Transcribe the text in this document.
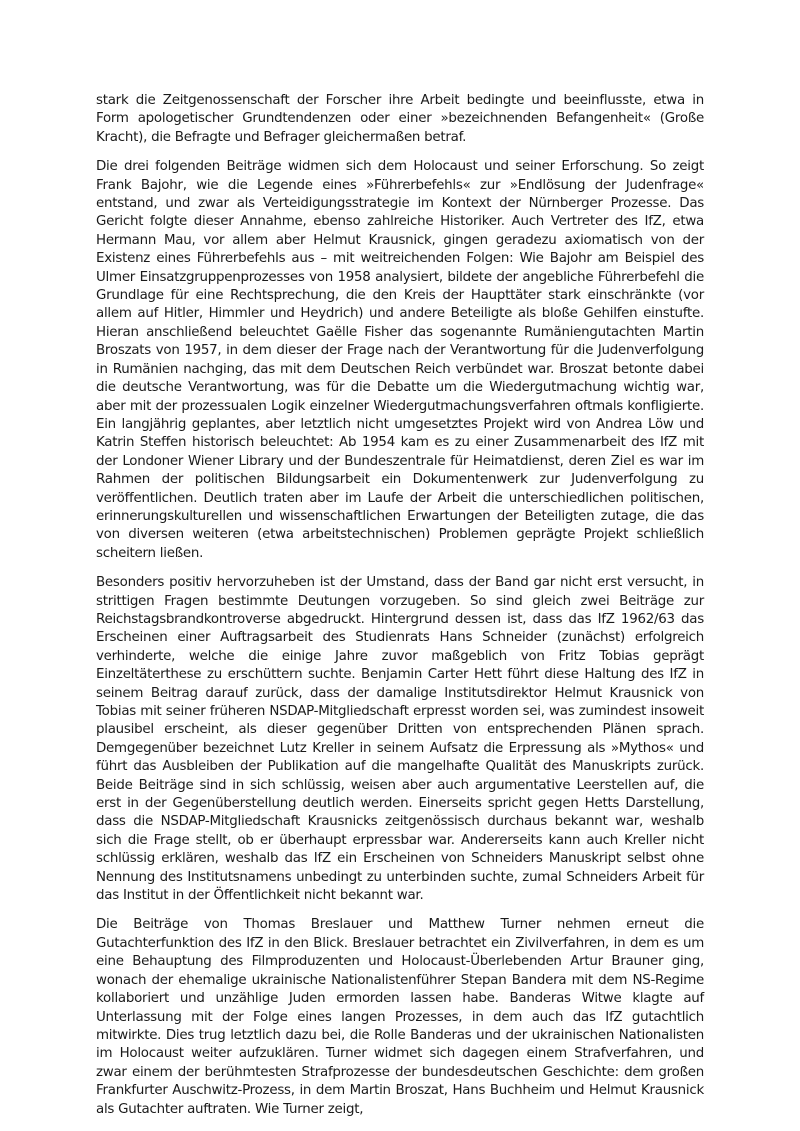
stark die Zeitgenossenschaft der Forscher ihre Arbeit bedingte und beeinflusste, etwa in Form apologetischer Grundtendenzen oder einer »bezeichnenden Befangenheit« (Große Kracht), die Befragte und Befrager gleichermaßen betraf.

Die drei folgenden Beiträge widmen sich dem Holocaust und seiner Erforschung. So zeigt Frank Bajohr, wie die Legende eines »Führerbefehls« zur »Endlösung der Judenfrage« entstand, und zwar als Verteidigungsstrategie im Kontext der Nürnberger Prozesse. Das Gericht folgte dieser Annahme, ebenso zahlreiche Historiker. Auch Vertreter des IfZ, etwa Hermann Mau, vor allem aber Helmut Krausnick, gingen geradezu axiomatisch von der Existenz eines Führerbefehls aus – mit weitreichenden Folgen: Wie Bajohr am Beispiel des Ulmer Einsatzgruppenprozesses von 1958 analysiert, bildete der angebliche Führerbefehl die Grundlage für eine Rechtsprechung, die den Kreis der Haupttäter stark einschränkte (vor allem auf Hitler, Himmler und Heydrich) und andere Beteiligte als bloße Gehilfen einstufte. Hieran anschließend beleuchtet Gaëlle Fisher das sogenannte Rumäniengutachten Martin Broszats von 1957, in dem dieser der Frage nach der Verantwortung für die Judenverfolgung in Rumänien nachging, das mit dem Deutschen Reich verbündet war. Broszat betonte dabei die deutsche Verantwortung, was für die Debatte um die Wiedergutmachung wichtig war, aber mit der prozessualen Logik einzelner Wiedergutmachungsverfahren oftmals konfligierte. Ein langjährig geplantes, aber letztlich nicht umgesetztes Projekt wird von Andrea Löw und Katrin Steffen historisch beleuchtet: Ab 1954 kam es zu einer Zusammenarbeit des IfZ mit der Londoner Wiener Library und der Bundeszentrale für Heimatdienst, deren Ziel es war im Rahmen der politischen Bildungsarbeit ein Dokumentenwerk zur Judenverfolgung zu veröffentlichen. Deutlich traten aber im Laufe der Arbeit die unterschiedlichen politischen, erinnerungskulturellen und wissenschaftlichen Erwartungen der Beteiligten zutage, die das von diversen weiteren (etwa arbeitstechnischen) Problemen geprägte Projekt schließlich scheitern ließen.

Besonders positiv hervorzuheben ist der Umstand, dass der Band gar nicht erst versucht, in strittigen Fragen bestimmte Deutungen vorzugeben. So sind gleich zwei Beiträge zur Reichstagsbrandkontroverse abgedruckt. Hintergrund dessen ist, dass das IfZ 1962/63 das Erscheinen einer Auftragsarbeit des Studienrats Hans Schneider (zunächst) erfolgreich verhinderte, welche die einige Jahre zuvor maßgeblich von Fritz Tobias geprägt Einzeltäterthese zu erschüttern suchte. Benjamin Carter Hett führt diese Haltung des IfZ in seinem Beitrag darauf zurück, dass der damalige Institutsdirektor Helmut Krausnick von Tobias mit seiner früheren NSDAP-Mitgliedschaft erpresst worden sei, was zumindest insoweit plausibel erscheint, als dieser gegenüber Dritten von entsprechenden Plänen sprach. Demgegenüber bezeichnet Lutz Kreller in seinem Aufsatz die Erpressung als »Mythos« und führt das Ausbleiben der Publikation auf die mangelhafte Qualität des Manuskripts zurück. Beide Beiträge sind in sich schlüssig, weisen aber auch argumentative Leerstellen auf, die erst in der Gegenüberstellung deutlich werden. Einerseits spricht gegen Hetts Darstellung, dass die NSDAP-Mitgliedschaft Krausnicks zeitgenössisch durchaus bekannt war, weshalb sich die Frage stellt, ob er überhaupt erpressbar war. Andererseits kann auch Kreller nicht schlüssig erklären, weshalb das IfZ ein Erscheinen von Schneiders Manuskript selbst ohne Nennung des Institutsnamens unbedingt zu unterbinden suchte, zumal Schneiders Arbeit für das Institut in der Öffentlichkeit nicht bekannt war.

Die Beiträge von Thomas Breslauer und Matthew Turner nehmen erneut die Gutachterfunktion des IfZ in den Blick. Breslauer betrachtet ein Zivilverfahren, in dem es um eine Behauptung des Filmproduzenten und Holocaust-Überlebenden Artur Brauner ging, wonach der ehemalige ukrainische Nationalistenführer Stepan Bandera mit dem NS-Regime kollaboriert und unzählige Juden ermorden lassen habe. Banderas Witwe klagte auf Unterlassung mit der Folge eines langen Prozesses, in dem auch das IfZ gutachtlich mitwirkte. Dies trug letztlich dazu bei, die Rolle Banderas und der ukrainischen Nationalisten im Holocaust weiter aufzuklären. Turner widmet sich dagegen einem Strafverfahren, und zwar einem der berühmtesten Strafprozesse der bundesdeutschen Geschichte: dem großen Frankfurter Auschwitz-Prozess, in dem Martin Broszat, Hans Buchheim und Helmut Krausnick als Gutachter auftraten. Wie Turner zeigt,
